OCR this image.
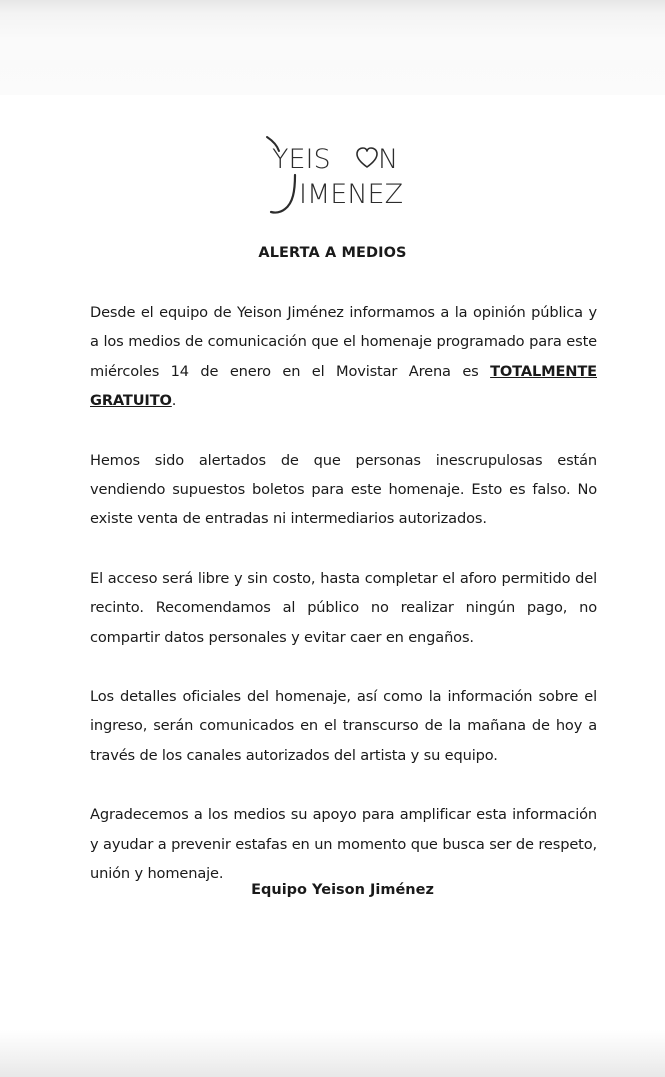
YEIS N
IMENEZ
ALERTA A MEDIOS

Desde el equipo de Yeison Jiménez informamos a la opinión pública y a los medios de comunicación que el homenaje programado para este miércoles 14 de enero en el Movistar Arena es TOTALMENTE GRATUITO.

Hemos sido alertados de que personas inescrupulosas están vendiendo supuestos boletos para este homenaje. Esto es falso. No existe venta de entradas ni intermediarios autorizados.

El acceso será libre y sin costo, hasta completar el aforo permitido del recinto. Recomendamos al público no realizar ningún pago, no compartir datos personales y evitar caer en engaños.

Los detalles oficiales del homenaje, así como la información sobre el ingreso, serán comunicados en el transcurso de la mañana de hoy a través de los canales autorizados del artista y su equipo.

Agradecemos a los medios su apoyo para amplificar esta información y ayudar a prevenir estafas en un momento que busca ser de respeto, unión y homenaje.

Equipo Yeison Jiménez
